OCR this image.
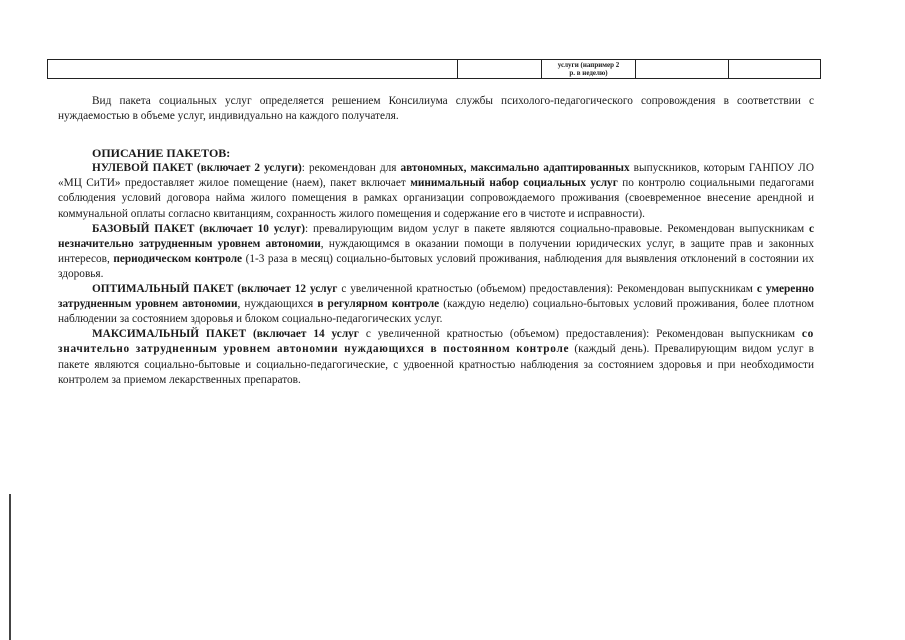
услуги (например 2
р. в неделю)

Вид пакета социальных услуг определяется решением Консилиума службы психолого-педагогического сопровождения в соответствии с нуждаемостью в объеме услуг, индивидуально на каждого получателя.

ОПИСАНИЕ ПАКЕТОВ:

НУЛЕВОЙ ПАКЕТ (включает 2 услуги): рекомендован для автономных, максимально адаптированных выпускников, которым ГАНПОУ ЛО «МЦ СиТИ» предоставляет жилое помещение (наем), пакет включает минимальный набор социальных услуг по контролю социальными педагогами соблюдения условий договора найма жилого помещения в рамках организации сопровождаемого проживания (своевременное внесение арендной и коммунальной оплаты согласно квитанциям, сохранность жилого помещения и содержание его в чистоте и исправности).

БАЗОВЫЙ ПАКЕТ (включает 10 услуг): превалирующим видом услуг в пакете являются социально-правовые. Рекомендован выпускникам с незначительно затрудненным уровнем автономии, нуждающимся в оказании помощи в получении юридических услуг, в защите прав и законных интересов, периодическом контроле (1-3 раза в месяц) социально-бытовых условий проживания, наблюдения для выявления отклонений в состоянии их здоровья.

ОПТИМАЛЬНЫЙ ПАКЕТ (включает 12 услуг с увеличенной кратностью (объемом) предоставления): Рекомендован выпускникам с умеренно затрудненным уровнем автономии, нуждающихся в регулярном контроле (каждую неделю) социально-бытовых условий проживания, более плотном наблюдении за состоянием здоровья и блоком социально-педагогических услуг.

МАКСИМАЛЬНЫЙ ПАКЕТ (включает 14 услуг с увеличенной кратностью (объемом) предоставления): Рекомендован выпускникам со значительно затрудненным уровнем автономии нуждающихся в постоянном контроле (каждый день). Превалирующим видом услуг в пакете являются социально-бытовые и социально-педагогические, с удвоенной кратностью наблюдения за состоянием здоровья и при необходимости контролем за приемом лекарственных препаратов.
